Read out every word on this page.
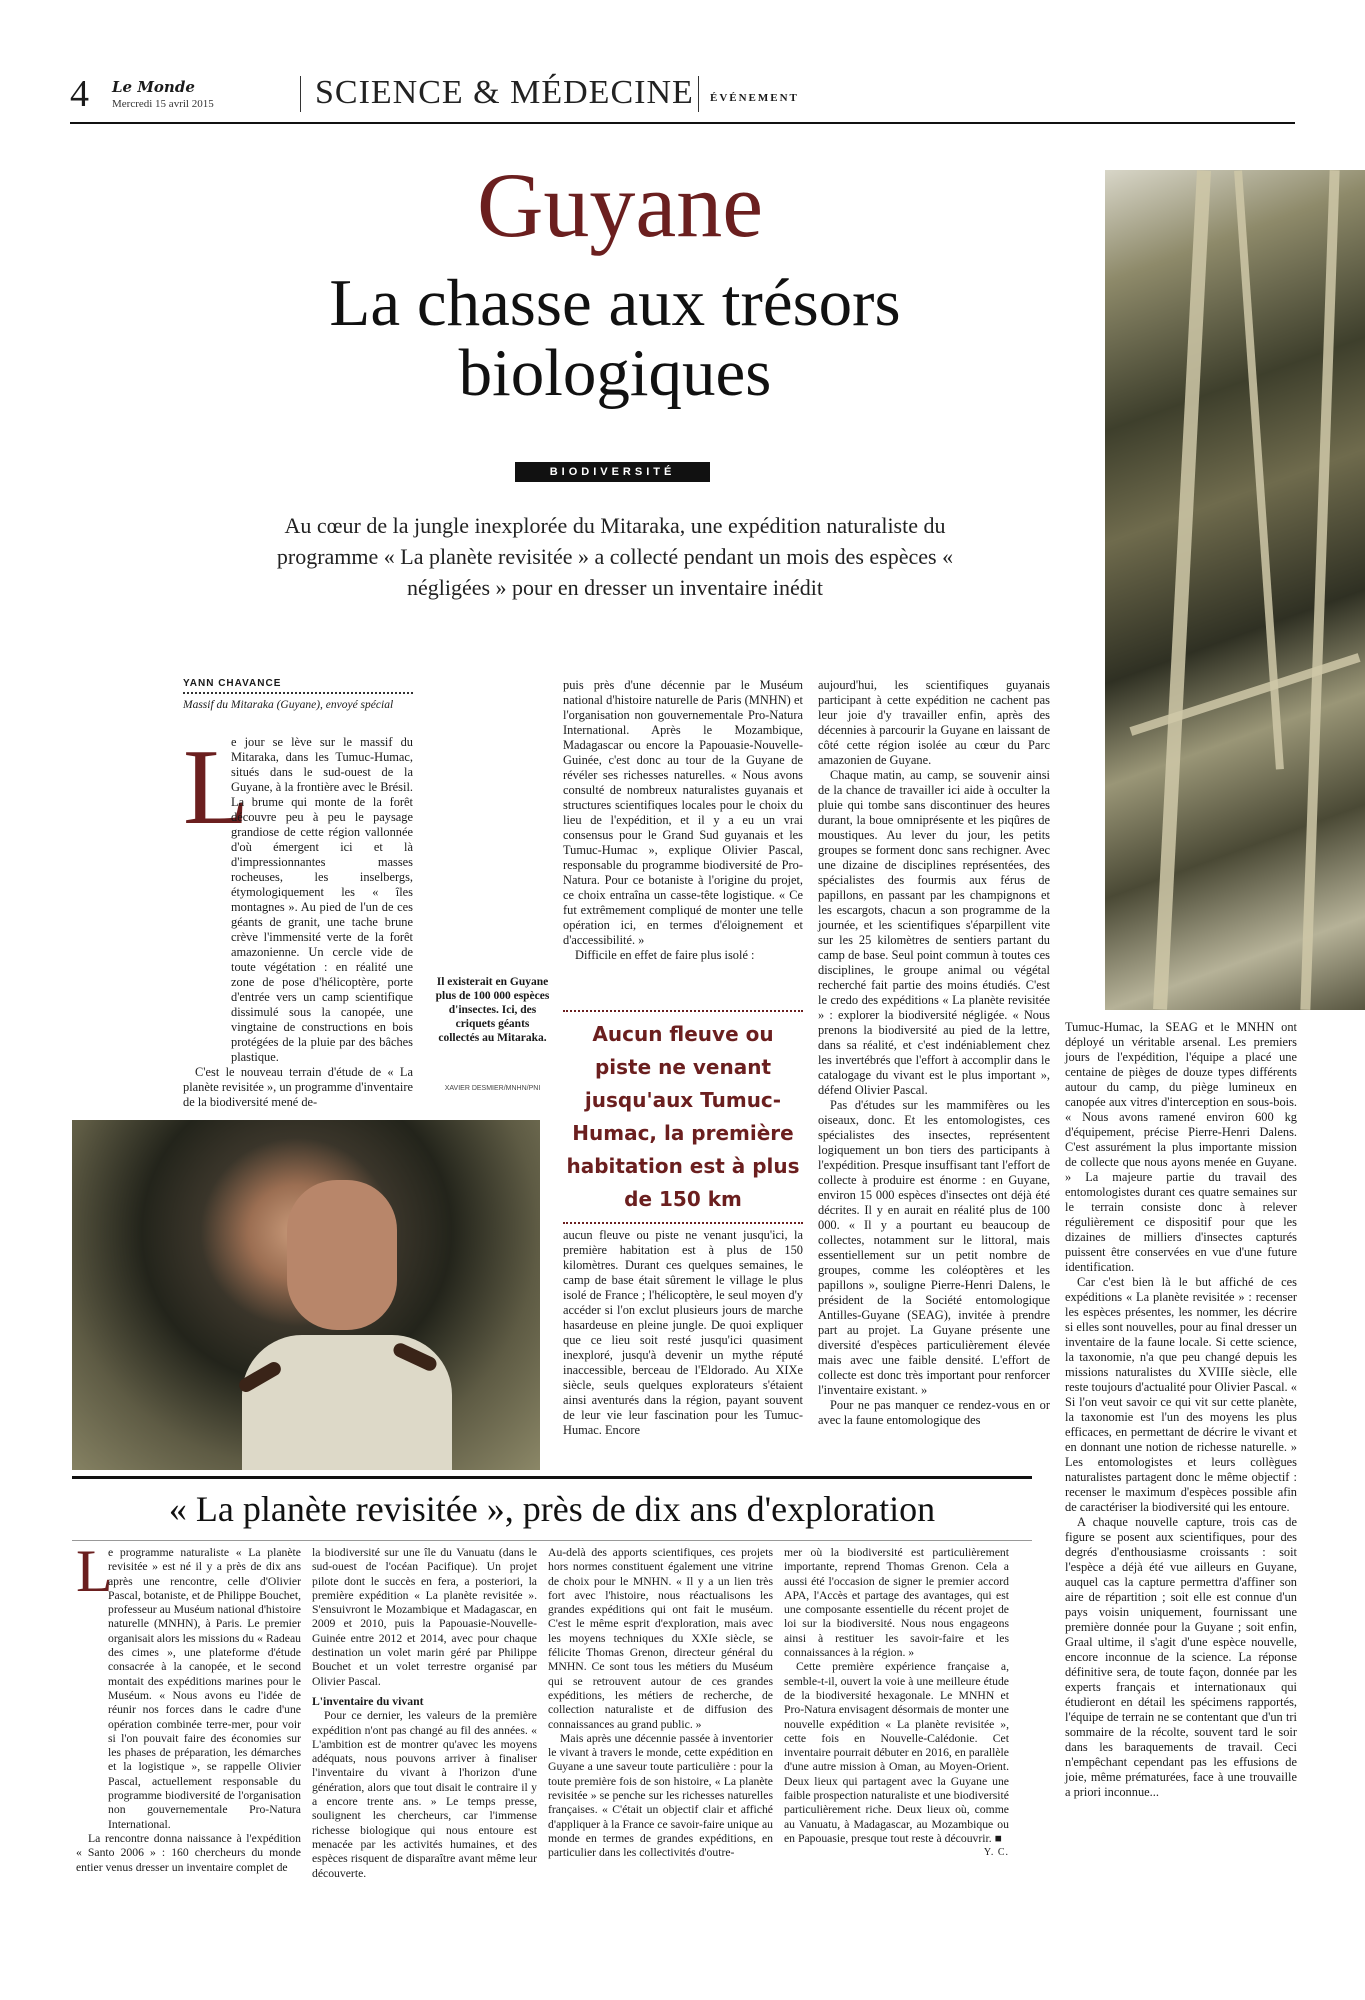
4 Le Monde
Mercredi 15 avril 2015	SCIENCE & MÉDECINE ÉVÉNEMENT
Guyane
La chasse aux trésors biologiques
BIODIVERSITÉ
Au cœur de la jungle inexplorée du Mitaraka, une expédition naturaliste du programme « La planète revisitée » a collecté pendant un mois des espèces « négligées » pour en dresser un inventaire inédit
YANN CHAVANCE
Massif du Mitaraka (Guyane), envoyé spécial
L

e jour se lève sur le massif du Mitaraka, dans les Tumuc-Humac, situés dans le sud-ouest de la Guyane, à la frontière avec le Brésil. La brume qui monte de la forêt découvre peu à peu le paysage grandiose de cette région vallonnée d'où émergent ici et là d'impressionnantes masses rocheuses, les inselbergs, étymologiquement les « îles montagnes ». Au pied de l'un de ces géants de granit, une tache brune crève l'immensité verte de la forêt amazonienne. Un cercle vide de toute végétation : en réalité une zone de pose d'hélicoptère, porte d'entrée vers un camp scientifique dissimulé sous la canopée, une vingtaine de constructions en bois protégées de la pluie par des bâches plastique.

C'est le nouveau terrain d'étude de « La planète revisitée », un programme d'inventaire de la biodiversité mené de-

Il existerait en Guyane plus de 100 000 espèces d'insectes. Ici, des criquets géants collectés au Mitaraka.
XAVIER DESMIER/MNHN/PNI

puis près d'une décennie par le Muséum national d'histoire naturelle de Paris (MNHN) et l'organisation non gouvernementale Pro-Natura International. Après le Mozambique, Madagascar ou encore la Papouasie-Nouvelle-Guinée, c'est donc au tour de la Guyane de révéler ses richesses naturelles. « Nous avons consulté de nombreux naturalistes guyanais et structures scientifiques locales pour le choix du lieu de l'expédition, et il y a eu un vrai consensus pour le Grand Sud guyanais et les Tumuc-Humac », explique Olivier Pascal, responsable du programme biodiversité de Pro-Natura. Pour ce botaniste à l'origine du projet, ce choix entraîna un casse-tête logistique. « Ce fut extrêmement compliqué de monter une telle opération ici, en termes d'éloignement et d'accessibilité. »

Difficile en effet de faire plus isolé :

Aucun fleuve ou piste ne venant jusqu'aux Tumuc-Humac, la première habitation est à plus de 150 km

aucun fleuve ou piste ne venant jusqu'ici, la première habitation est à plus de 150 kilomètres. Durant ces quelques semaines, le camp de base était sûrement le village le plus isolé de France ; l'hélicoptère, le seul moyen d'y accéder si l'on exclut plusieurs jours de marche hasardeuse en pleine jungle. De quoi expliquer que ce lieu soit resté jusqu'ici quasiment inexploré, jusqu'à devenir un mythe réputé inaccessible, berceau de l'Eldorado. Au XIXe siècle, seuls quelques explorateurs s'étaient ainsi aventurés dans la région, payant souvent de leur vie leur fascination pour les Tumuc-Humac. Encore

aujourd'hui, les scientifiques guyanais participant à cette expédition ne cachent pas leur joie d'y travailler enfin, après des décennies à parcourir la Guyane en laissant de côté cette région isolée au cœur du Parc amazonien de Guyane.

Chaque matin, au camp, se souvenir ainsi de la chance de travailler ici aide à occulter la pluie qui tombe sans discontinuer des heures durant, la boue omniprésente et les piqûres de moustiques. Au lever du jour, les petits groupes se forment donc sans rechigner. Avec une dizaine de disciplines représentées, des spécialistes des fourmis aux férus de papillons, en passant par les champignons et les escargots, chacun a son programme de la journée, et les scientifiques s'éparpillent vite sur les 25 kilomètres de sentiers partant du camp de base. Seul point commun à toutes ces disciplines, le groupe animal ou végétal recherché fait partie des moins étudiés. C'est le credo des expéditions « La planète revisitée » : explorer la biodiversité négligée. « Nous prenons la biodiversité au pied de la lettre, dans sa réalité, et c'est indéniablement chez les invertébrés que l'effort à accomplir dans le catalogage du vivant est le plus important », défend Olivier Pascal.

Pas d'études sur les mammifères ou les oiseaux, donc. Et les entomologistes, ces spécialistes des insectes, représentent logiquement un bon tiers des participants à l'expédition. Presque insuffisant tant l'effort de collecte à produire est énorme : en Guyane, environ 15 000 espèces d'insectes ont déjà été décrites. Il y en aurait en réalité plus de 100 000. « Il y a pourtant eu beaucoup de collectes, notamment sur le littoral, mais essentiellement sur un petit nombre de groupes, comme les coléoptères et les papillons », souligne Pierre-Henri Dalens, le président de la Société entomologique Antilles-Guyane (SEAG), invitée à prendre part au projet. La Guyane présente une diversité d'espèces particulièrement élevée mais avec une faible densité. L'effort de collecte est donc très important pour renforcer l'inventaire existant. »

Pour ne pas manquer ce rendez-vous en or avec la faune entomologique des

Tumuc-Humac, la SEAG et le MNHN ont déployé un véritable arsenal. Les premiers jours de l'expédition, l'équipe a placé une centaine de pièges de douze types différents autour du camp, du piège lumineux en canopée aux vitres d'interception en sous-bois. « Nous avons ramené environ 600 kg d'équipement, précise Pierre-Henri Dalens. C'est assurément la plus importante mission de collecte que nous ayons menée en Guyane. » La majeure partie du travail des entomologistes durant ces quatre semaines sur le terrain consiste donc à relever régulièrement ce dispositif pour que les dizaines de milliers d'insectes capturés puissent être conservées en vue d'une future identification.

Car c'est bien là le but affiché de ces expéditions « La planète revisitée » : recenser les espèces présentes, les nommer, les décrire si elles sont nouvelles, pour au final dresser un inventaire de la faune locale. Si cette science, la taxonomie, n'a que peu changé depuis les missions naturalistes du XVIIIe siècle, elle reste toujours d'actualité pour Olivier Pascal. « Si l'on veut savoir ce qui vit sur cette planète, la taxonomie est l'un des moyens les plus efficaces, en permettant de décrire le vivant et en donnant une notion de richesse naturelle. » Les entomologistes et leurs collègues naturalistes partagent donc le même objectif : recenser le maximum d'espèces possible afin de caractériser la biodiversité qui les entoure.

A chaque nouvelle capture, trois cas de figure se posent aux scientifiques, pour des degrés d'enthousiasme croissants : soit l'espèce a déjà été vue ailleurs en Guyane, auquel cas la capture permettra d'affiner son aire de répartition ; soit elle est connue d'un pays voisin uniquement, fournissant une première donnée pour la Guyane ; soit enfin, Graal ultime, il s'agit d'une espèce nouvelle, encore inconnue de la science. La réponse définitive sera, de toute façon, donnée par les experts français et internationaux qui étudieront en détail les spécimens rapportés, l'équipe de terrain ne se contentant que d'un tri sommaire de la récolte, souvent tard le soir dans les baraquements de travail. Ceci n'empêchant cependant pas les effusions de joie, même prématurées, face à une trouvaille a priori inconnue...

« La planète revisitée », près de dix ans d'exploration
L

e programme naturaliste « La planète revisitée » est né il y a près de dix ans après une rencontre, celle d'Olivier Pascal, botaniste, et de Philippe Bouchet, professeur au Muséum national d'histoire naturelle (MNHN), à Paris. Le premier organisait alors les missions du « Radeau des cimes », une plateforme d'étude consacrée à la canopée, et le second montait des expéditions marines pour le Muséum. « Nous avons eu l'idée de réunir nos forces dans le cadre d'une opération combinée terre-mer, pour voir si l'on pouvait faire des économies sur les phases de préparation, les démarches et la logistique », se rappelle Olivier Pascal, actuellement responsable du programme biodiversité de l'organisation non gouvernementale Pro-Natura International.

La rencontre donna naissance à l'expédition « Santo 2006 » : 160 chercheurs du monde entier venus dresser un inventaire complet de

la biodiversité sur une île du Vanuatu (dans le sud-ouest de l'océan Pacifique). Un projet pilote dont le succès en fera, a posteriori, la première expédition « La planète revisitée ». S'ensuivront le Mozambique et Madagascar, en 2009 et 2010, puis la Papouasie-Nouvelle-Guinée entre 2012 et 2014, avec pour chaque destination un volet marin géré par Philippe Bouchet et un volet terrestre organisé par Olivier Pascal.

L'inventaire du vivant

Pour ce dernier, les valeurs de la première expédition n'ont pas changé au fil des années. « L'ambition est de montrer qu'avec les moyens adéquats, nous pouvons arriver à finaliser l'inventaire du vivant à l'horizon d'une génération, alors que tout disait le contraire il y a encore trente ans. » Le temps presse, soulignent les chercheurs, car l'immense richesse biologique qui nous entoure est menacée par les activités humaines, et des espèces risquent de disparaître avant même leur découverte.

Au-delà des apports scientifiques, ces projets hors normes constituent également une vitrine de choix pour le MNHN. « Il y a un lien très fort avec l'histoire, nous réactualisons les grandes expéditions qui ont fait le muséum. C'est le même esprit d'exploration, mais avec les moyens techniques du XXIe siècle, se félicite Thomas Grenon, directeur général du MNHN. Ce sont tous les métiers du Muséum qui se retrouvent autour de ces grandes expéditions, les métiers de recherche, de collection naturaliste et de diffusion des connaissances au grand public. »

Mais après une décennie passée à inventorier le vivant à travers le monde, cette expédition en Guyane a une saveur toute particulière : pour la toute première fois de son histoire, « La planète revisitée » se penche sur les richesses naturelles françaises. « C'était un objectif clair et affiché d'appliquer à la France ce savoir-faire unique au monde en termes de grandes expéditions, en particulier dans les collectivités d'outre-

mer où la biodiversité est particulièrement importante, reprend Thomas Grenon. Cela a aussi été l'occasion de signer le premier accord APA, l'Accès et partage des avantages, qui est une composante essentielle du récent projet de loi sur la biodiversité. Nous nous engageons ainsi à restituer les savoir-faire et les connaissances à la région. »

Cette première expérience française a, semble-t-il, ouvert la voie à une meilleure étude de la biodiversité hexagonale. Le MNHN et Pro-Natura envisagent désormais de monter une nouvelle expédition « La planète revisitée », cette fois en Nouvelle-Calédonie. Cet inventaire pourrait débuter en 2016, en parallèle d'une autre mission à Oman, au Moyen-Orient. Deux lieux qui partagent avec la Guyane une faible prospection naturaliste et une biodiversité particulièrement riche. Deux lieux où, comme au Vanuatu, à Madagascar, au Mozambique ou en Papouasie, presque tout reste à découvrir. ■

Y. C.
